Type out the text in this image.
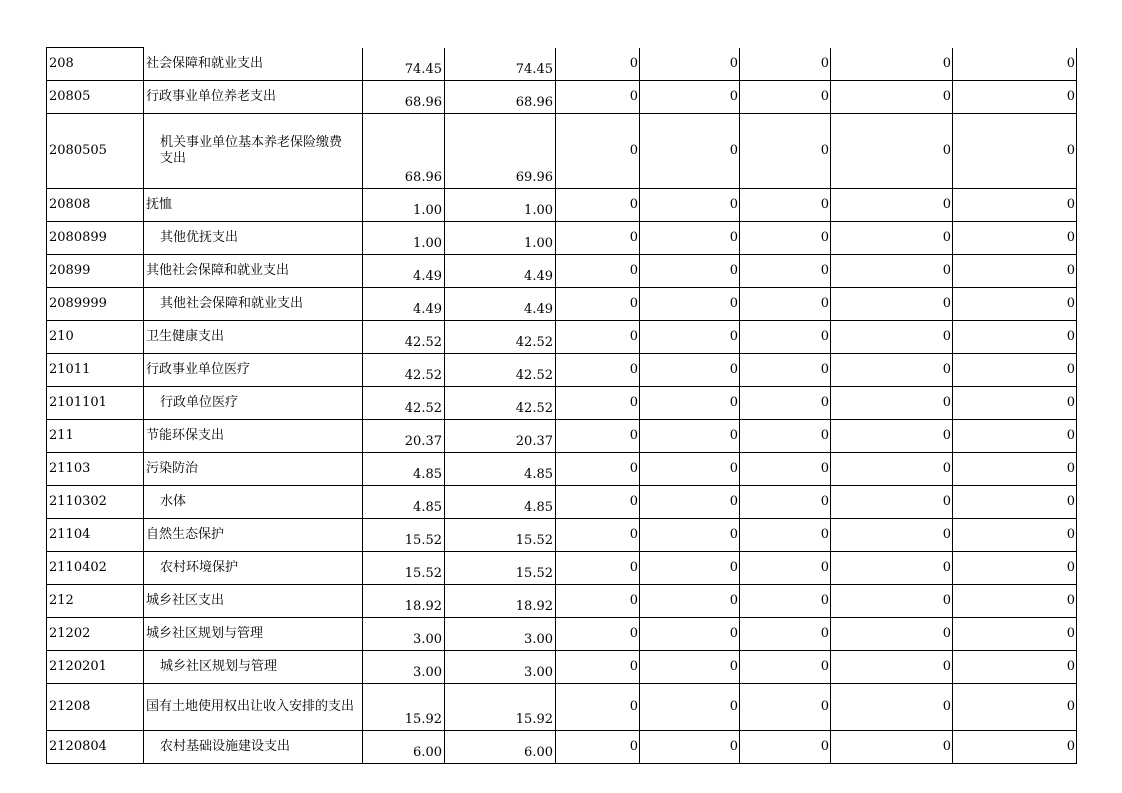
208	社会保障和就业支出	74.45	74.45	0	0	0	0	0
20805	行政事业单位养老支出	68.96	68.96	0	0	0	0	0
2080505	机关事业单位基本养老保险缴费支出	68.96	69.96	0	0	0	0	0
20808	抚恤	1.00	1.00	0	0	0	0	0
2080899	其他优抚支出	1.00	1.00	0	0	0	0	0
20899	其他社会保障和就业支出	4.49	4.49	0	0	0	0	0
2089999	其他社会保障和就业支出	4.49	4.49	0	0	0	0	0
210	卫生健康支出	42.52	42.52	0	0	0	0	0
21011	行政事业单位医疗	42.52	42.52	0	0	0	0	0
2101101	行政单位医疗	42.52	42.52	0	0	0	0	0
211	节能环保支出	20.37	20.37	0	0	0	0	0
21103	污染防治	4.85	4.85	0	0	0	0	0
2110302	水体	4.85	4.85	0	0	0	0	0
21104	自然生态保护	15.52	15.52	0	0	0	0	0
2110402	农村环境保护	15.52	15.52	0	0	0	0	0
212	城乡社区支出	18.92	18.92	0	0	0	0	0
21202	城乡社区规划与管理	3.00	3.00	0	0	0	0	0
2120201	城乡社区规划与管理	3.00	3.00	0	0	0	0	0
21208	国有土地使用权出让收入安排的支出	15.92	15.92	0	0	0	0	0
2120804	农村基础设施建设支出	6.00	6.00	0	0	0	0	0
